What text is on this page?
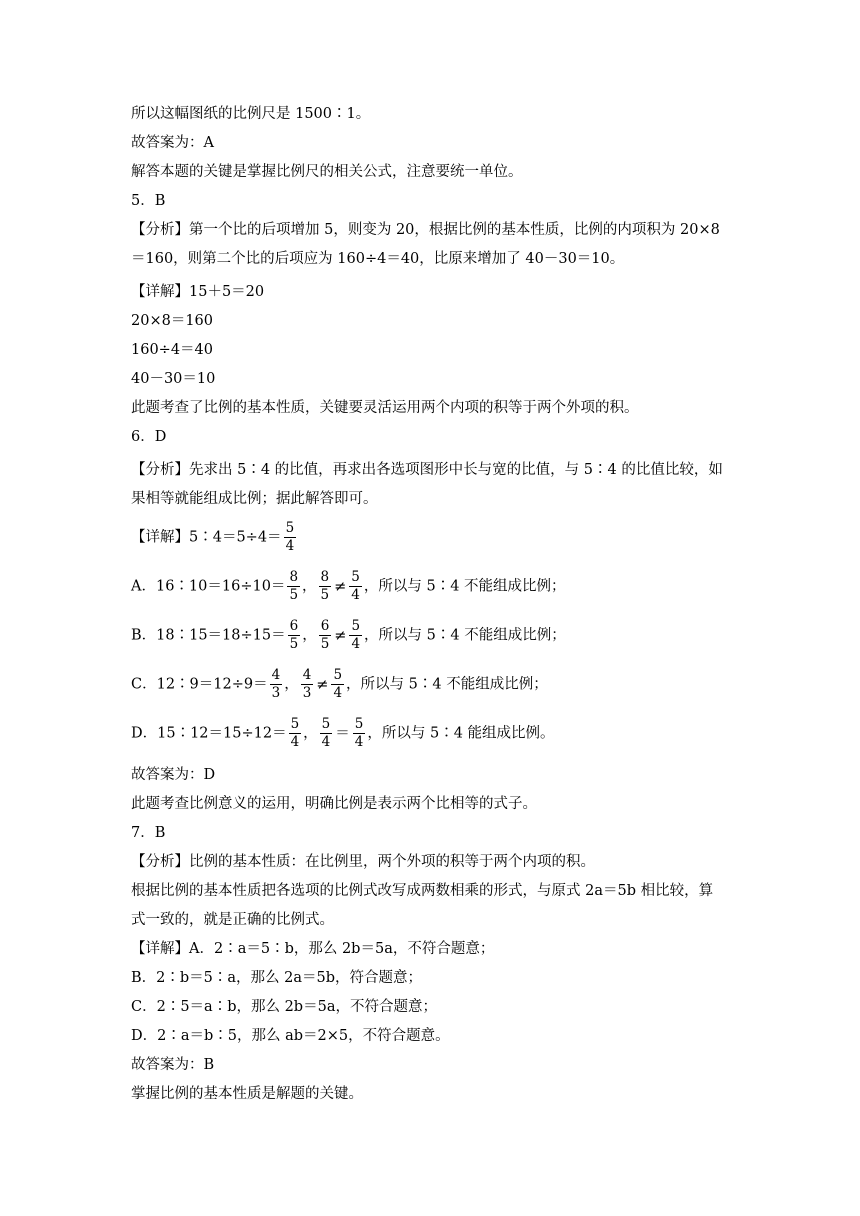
所以这幅图纸的比例尺是 1500∶1。
故答案为：A
解答本题的关键是掌握比例尺的相关公式，注意要统一单位。
5．B
【分析】第一个比的后项增加 5，则变为 20，根据比例的基本性质，比例的内项积为 20×8
＝160，则第二个比的后项应为 160÷4＝40，比原来增加了 40－30＝10。
【详解】15＋5＝20
20×8＝160
160÷4＝40
40－30＝10
此题考查了比例的基本性质，关键要灵活运用两个内项的积等于两个外项的积。
6．D
【分析】先求出 5∶4 的比值，再求出各选项图形中长与宽的比值，与 5∶4 的比值比较，如
果相等就能组成比例；据此解答即可。
【详解】5∶4＝5÷4＝ $\frac{5}{4}$
A．16∶10＝16÷10＝ $\frac{8}{5}$ ， $\frac{8}{5} \ne \frac{5}{4}$ ，所以与 5∶4 不能组成比例；
B．18∶15＝18÷15＝ $\frac{6}{5}$ ， $\frac{6}{5} \ne \frac{5}{4}$ ，所以与 5∶4 不能组成比例；
C．12∶9＝12÷9＝ $\frac{4}{3}$ ， $\frac{4}{3} \ne \frac{5}{4}$ ，所以与 5∶4 不能组成比例；
D．15∶12＝15÷12＝ $\frac{5}{4}$ ， $\frac{5}{4} = \frac{5}{4}$ ，所以与 5∶4 能组成比例。
故答案为：D
此题考查比例意义的运用，明确比例是表示两个比相等的式子。
7．B
【分析】比例的基本性质：在比例里，两个外项的积等于两个内项的积。
根据比例的基本性质把各选项的比例式改写成两数相乘的形式，与原式 2a＝5b 相比较，算
式一致的，就是正确的比例式。
【详解】A．2∶a＝5∶b，那么 2b＝5a，不符合题意；
B．2∶b＝5∶a，那么 2a＝5b，符合题意；
C．2∶5＝a∶b，那么 2b＝5a，不符合题意；
D．2∶a＝b∶5，那么 ab＝2×5，不符合题意。
故答案为：B
掌握比例的基本性质是解题的关键。
